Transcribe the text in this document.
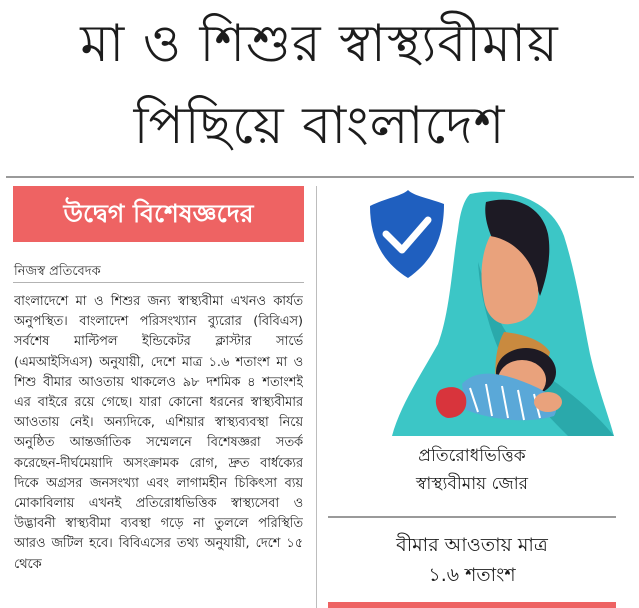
মা ও শিশুর স্বাস্থ্যবীমায়
পিছিয়ে বাংলাদেশ
উদ্বেগ বিশেষজ্ঞদের
নিজস্ব প্রতিবেদক
বাংলাদেশে মা ও শিশুর জন্য স্বাস্থ্যবীমা এখনও কার্যত অনুপস্থিত। বাংলাদেশ পরিসংখ্যান ব্যুরোর (বিবিএস) সর্বশেষ মাল্টিপল ইন্ডিকেটর ক্লাস্টার সার্ভে (এমআইসিএস) অনুযায়ী, দেশে মাত্র ১.৬ শতাংশ মা ও শিশু বীমার আওতায় থাকলেও ৯৮ দশমিক ৪ শতাংশই এর বাইরে রয়ে গেছে। যারা কোনো ধরনের স্বাস্থ্যবীমার আওতায় নেই। অন্যদিকে, এশিয়ার স্বাস্থ্যব্যবস্থা নিয়ে অনুষ্ঠিত আন্তর্জাতিক সম্মেলনে বিশেষজ্ঞরা সতর্ক করেছেন-দীর্ঘমেয়াদি অসংক্রামক রোগ, দ্রুত বার্ধক্যের দিকে অগ্রসর জনসংখ্যা এবং লাগামহীন চিকিৎসা ব্যয় মোকাবিলায় এখনই প্রতিরোধভিত্তিক স্বাস্থ্যসেবা ও উদ্ভাবনী স্বাস্থ্যবীমা ব্যবস্থা গড়ে না তুললে পরিস্থিতি আরও জটিল হবে। বিবিএসের তথ্য অনুযায়ী, দেশে ১৫ থেকে
প্রতিরোধভিত্তিক
স্বাস্থ্যবীমায় জোর
বীমার আওতায় মাত্র
১.৬ শতাংশ
